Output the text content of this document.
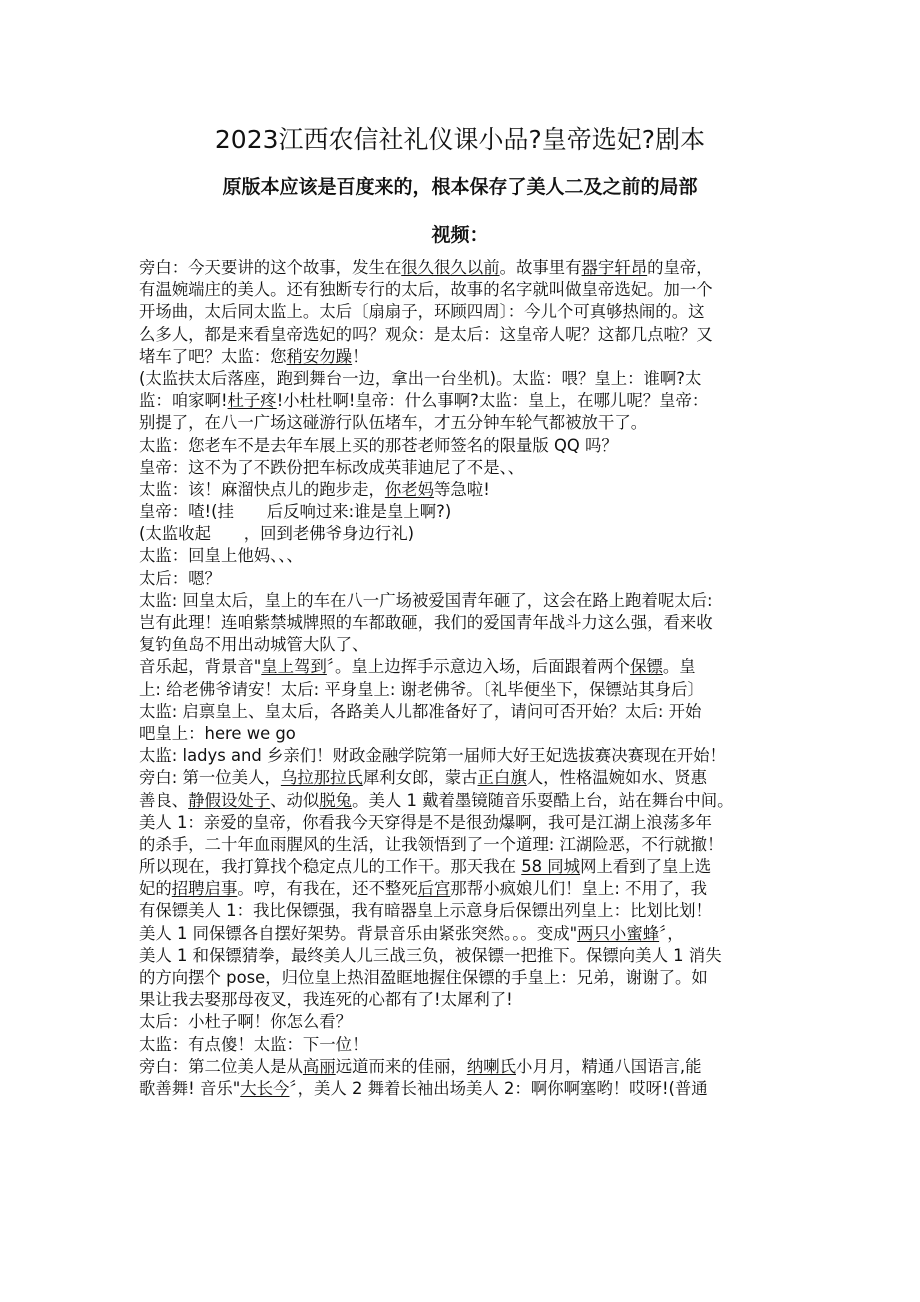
2023江西农信社礼仪课小品?皇帝选妃?剧本
原版本应该是百度来的，根本保存了美人二及之前的局部
视频：
旁白：今天要讲的这个故事，发生在很久很久以前。故事里有器宇轩昂的皇帝，
有温婉端庄的美人。还有独断专行的太后，故事的名字就叫做皇帝选妃。加一个
开场曲，太后同太监上。太后〔扇扇子，环顾四周〕：今儿个可真够热闹的。这
么多人，都是来看皇帝选妃的吗？观众：是太后：这皇帝人呢？这都几点啦？又
堵车了吧？太监：您稍安勿躁！
(太监扶太后落座，跑到舞台一边，拿出一台坐机)。太监：喂？皇上：谁啊?太
监：咱家啊!杜子疼!小杜杜啊!皇帝：什么事啊?太监：皇上，在哪儿呢？皇帝：
别提了，在八一广场这碰游行队伍堵车，才五分钟车轮气都被放干了。
太监：您老车不是去年车展上买的那苍老师签名的限量版 QQ 吗？
皇帝：这不为了不跌份把车标改成英菲迪尼了不是、、
太监：该！麻溜快点儿的跑步走，你老妈等急啦!
皇帝：喳!(挂　　后反响过来:谁是皇上啊?)
(太监收起　　，回到老佛爷身边行礼)
太监：回皇上他妈、、、
太后：嗯？
太监: 回皇太后，皇上的车在八一广场被爱国青年砸了，这会在路上跑着呢太后:
岂有此理！连咱紫禁城牌照的车都敢砸，我们的爱国青年战斗力这么强，看来收
复钓鱼岛不用出动城管大队了、
音乐起，背景音"皇上驾到〞。皇上边挥手示意边入场，后面跟着两个保镖。皇
上: 给老佛爷请安！太后: 平身皇上: 谢老佛爷。〔礼毕便坐下，保镖站其身后〕
太监: 启禀皇上、皇太后，各路美人儿都准备好了，请问可否开始？太后: 开始
吧皇上：here we go
太监: ladys and 乡亲们！财政金融学院第一届师大好王妃选拔赛决赛现在开始！
旁白: 第一位美人，乌拉那拉氏犀利女郎，蒙古正白旗人，性格温婉如水、贤惠
善良、静假设处子、动似脱兔。美人 1 戴着墨镜随音乐耍酷上台，站在舞台中间。
美人 1：亲爱的皇帝，你看我今天穿得是不是很劲爆啊，我可是江湖上浪荡多年
的杀手，二十年血雨腥风的生活，让我领悟到了一个道理: 江湖险恶，不行就撤！
所以现在，我打算找个稳定点儿的工作干。那天我在 58 同城网上看到了皇上选
妃的招聘启事。哼，有我在，还不整死后宫那帮小疯娘儿们！皇上: 不用了，我
有保镖美人 1：我比保镖强，我有暗器皇上示意身后保镖出列皇上：比划比划！
美人 1 同保镖各自摆好架势。背景音乐由紧张突然。。。变成"两只小蜜蜂〞，
美人 1 和保镖猜拳，最终美人儿三战三负，被保镖一把推下。保镖向美人 1 消失
的方向摆个 pose，归位皇上热泪盈眶地握住保镖的手皇上：兄弟，谢谢了。如
果让我去娶那母夜叉，我连死的心都有了!太犀利了!
太后：小杜子啊！你怎么看？
太监：有点傻！太监：下一位！
旁白：第二位美人是从高丽远道而来的佳丽，纳喇氏小月月，精通八国语言,能
歌善舞! 音乐"大长今〞，美人 2 舞着长袖出场美人 2：啊你啊塞哟！哎呀!(普通
